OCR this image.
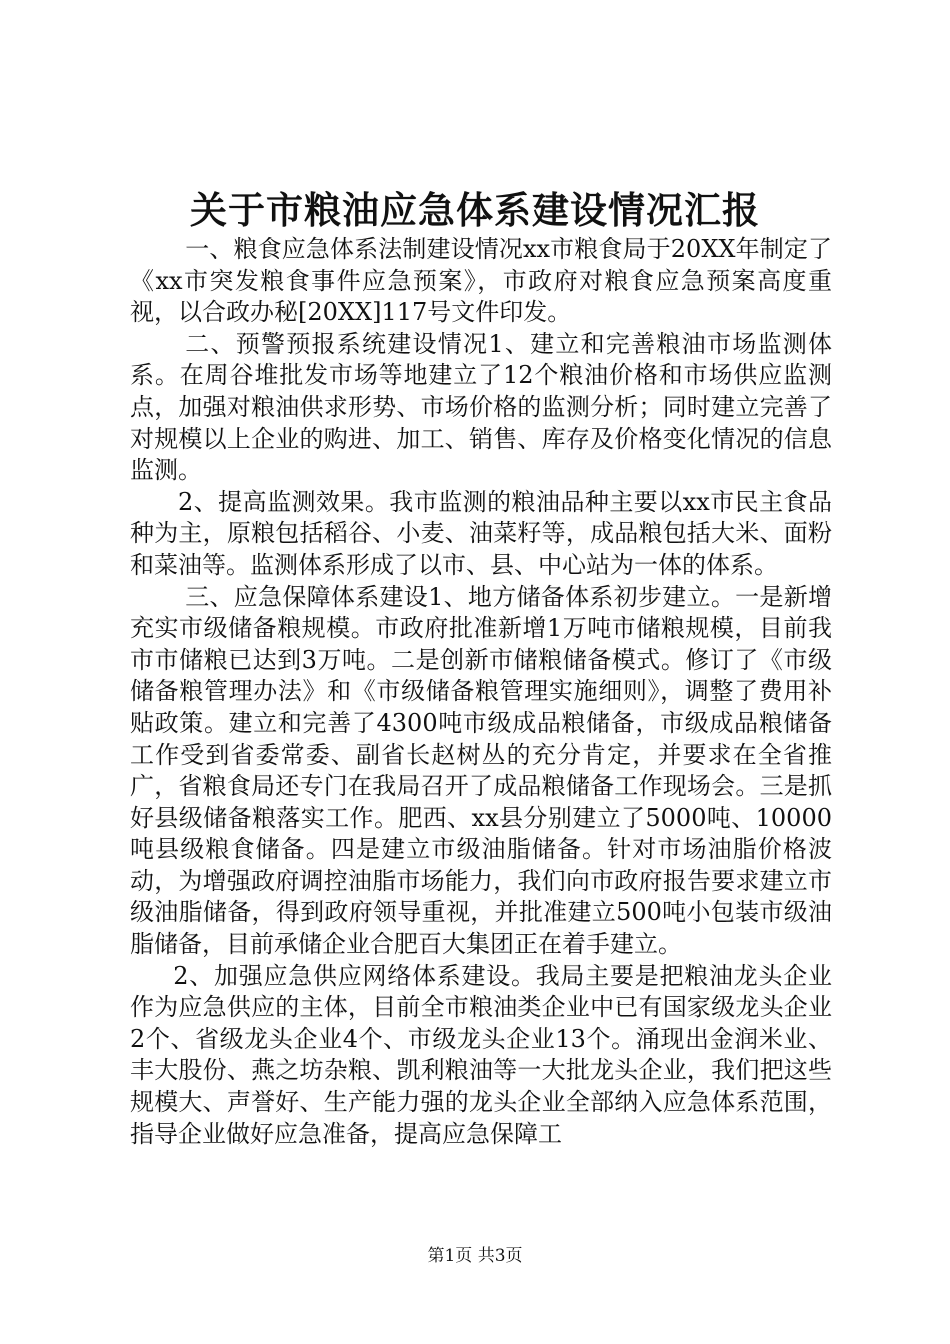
关于市粮油应急体系建设情况汇报

一、粮食应急体系法制建设情况xx市粮食局于20XX年制定了《xx市突发粮食事件应急预案》，市政府对粮食应急预案高度重视，以合政办秘[20XX]117号文件印发。

二、预警预报系统建设情况1、建立和完善粮油市场监测体系。在周谷堆批发市场等地建立了12个粮油价格和市场供应监测点，加强对粮油供求形势、市场价格的监测分析；同时建立完善了对规模以上企业的购进、加工、销售、库存及价格变化情况的信息监测。

2、提高监测效果。我市监测的粮油品种主要以xx市民主食品种为主，原粮包括稻谷、小麦、油菜籽等，成品粮包括大米、面粉和菜油等。监测体系形成了以市、县、中心站为一体的体系。

三、应急保障体系建设1、地方储备体系初步建立。一是新增充实市级储备粮规模。市政府批准新增1万吨市储粮规模，目前我市市储粮已达到3万吨。二是创新市储粮储备模式。修订了《市级储备粮管理办法》和《市级储备粮管理实施细则》，调整了费用补贴政策。建立和完善了4300吨市级成品粮储备，市级成品粮储备工作受到省委常委、副省长赵树丛的充分肯定，并要求在全省推广，省粮食局还专门在我局召开了成品粮储备工作现场会。三是抓好县级储备粮落实工作。肥西、xx县分别建立了5000吨、10000吨县级粮食储备。四是建立市级油脂储备。针对市场油脂价格波动，为增强政府调控油脂市场能力，我们向市政府报告要求建立市级油脂储备，得到政府领导重视，并批准建立500吨小包装市级油脂储备，目前承储企业合肥百大集团正在着手建立。

2、加强应急供应网络体系建设。我局主要是把粮油龙头企业作为应急供应的主体，目前全市粮油类企业中已有国家级龙头企业2个、省级龙头企业4个、市级龙头企业13个。涌现出金润米业、丰大股份、燕之坊杂粮、凯利粮油等一大批龙头企业，我们把这些规模大、声誉好、生产能力强的龙头企业全部纳入应急体系范围，指导企业做好应急准备，提高应急保障工

第1页 共3页
